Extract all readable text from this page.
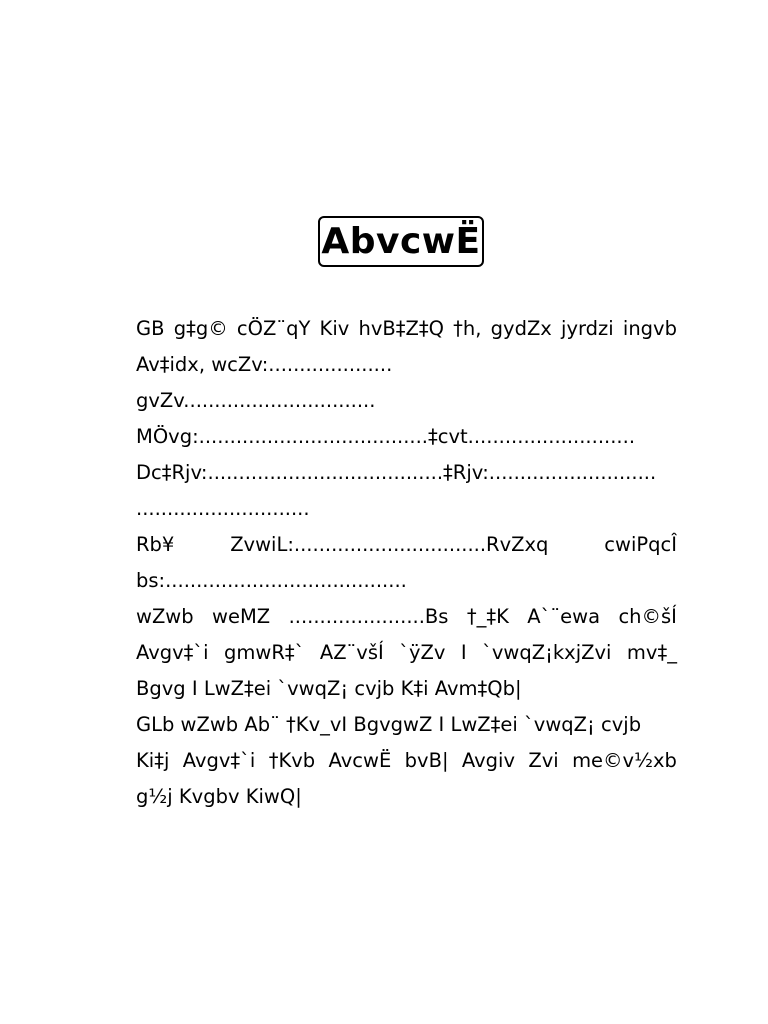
AbvcwË
GB g‡g© cÖZ¨qY Kiv hvB‡Z‡Q †h, gydZx jyrdzi ingvb
Av‡idx, wcZv:....................
gvZv...............................
MÖvg:.....................................‡cvt...........................
Dc‡Rjv:......................................‡Rjv:...........................
............................
Rb¥	ZvwiL:...............................RvZxq	cwiPqcÎ
bs:.......................................
wZwb weMZ ......................Bs †_‡K A`¨ewa ch©šÍ
Avgv‡`i gmwR‡` AZ¨všÍ `ÿZv I `vwqZ¡kxjZvi mv‡_
Bgvg I LwZ‡ei `vwqZ¡ cvjb K‡i Avm‡Qb|
GLb wZwb Ab¨ †Kv_vI BgvgwZ I LwZ‡ei `vwqZ¡ cvjb
Ki‡j Avgv‡`i †Kvb AvcwË bvB| Avgiv Zvi me©v½xb
g½j Kvgbv KiwQ|
